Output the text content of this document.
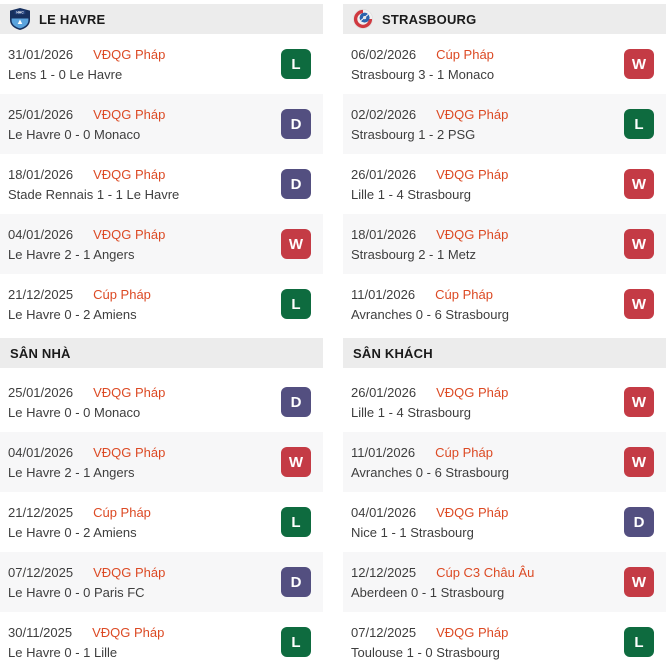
HAC LE HAVRE
31/01/2026 VĐQG Pháp
Lens 1 - 0 Le Havre
L
25/01/2026 VĐQG Pháp
Le Havre 0 - 0 Monaco
D
18/01/2026 VĐQG Pháp
Stade Rennais 1 - 1 Le Havre
D
04/01/2026 VĐQG Pháp
Le Havre 2 - 1 Angers
W
21/12/2025 Cúp Pháp
Le Havre 0 - 2 Amiens
L
SÂN NHÀ
25/01/2026 VĐQG Pháp
Le Havre 0 - 0 Monaco
D
04/01/2026 VĐQG Pháp
Le Havre 2 - 1 Angers
W
21/12/2025 Cúp Pháp
Le Havre 0 - 2 Amiens
L
07/12/2025 VĐQG Pháp
Le Havre 0 - 0 Paris FC
D
30/11/2025 VĐQG Pháp
Le Havre 0 - 1 Lille
L
STRASBOURG
06/02/2026 Cúp Pháp
Strasbourg 3 - 1 Monaco
W
02/02/2026 VĐQG Pháp
Strasbourg 1 - 2 PSG
L
26/01/2026 VĐQG Pháp
Lille 1 - 4 Strasbourg
W
18/01/2026 VĐQG Pháp
Strasbourg 2 - 1 Metz
W
11/01/2026 Cúp Pháp
Avranches 0 - 6 Strasbourg
W
SÂN KHÁCH
26/01/2026 VĐQG Pháp
Lille 1 - 4 Strasbourg
W
11/01/2026 Cúp Pháp
Avranches 0 - 6 Strasbourg
W
04/01/2026 VĐQG Pháp
Nice 1 - 1 Strasbourg
D
12/12/2025 Cúp C3 Châu Âu
Aberdeen 0 - 1 Strasbourg
W
07/12/2025 VĐQG Pháp
Toulouse 1 - 0 Strasbourg
L
